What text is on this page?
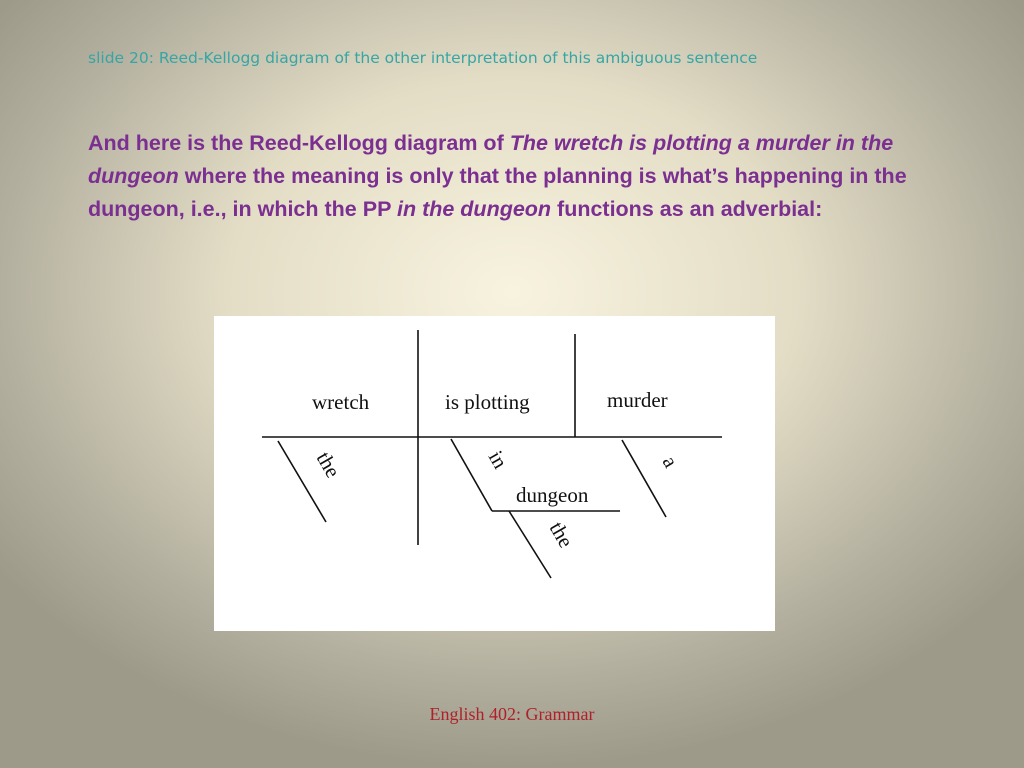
slide 20: Reed-Kellogg diagram of the other interpretation of this ambiguous sentence
And here is the Reed-Kellogg diagram of The wretch is plotting a murder in the dungeon where the meaning is only that the planning is what’s happening in the dungeon, i.e., in which the PP in the dungeon functions as an adverbial:
wretch	is plotting	murder
the	in
dungeon
the
a
English 402: Grammar
